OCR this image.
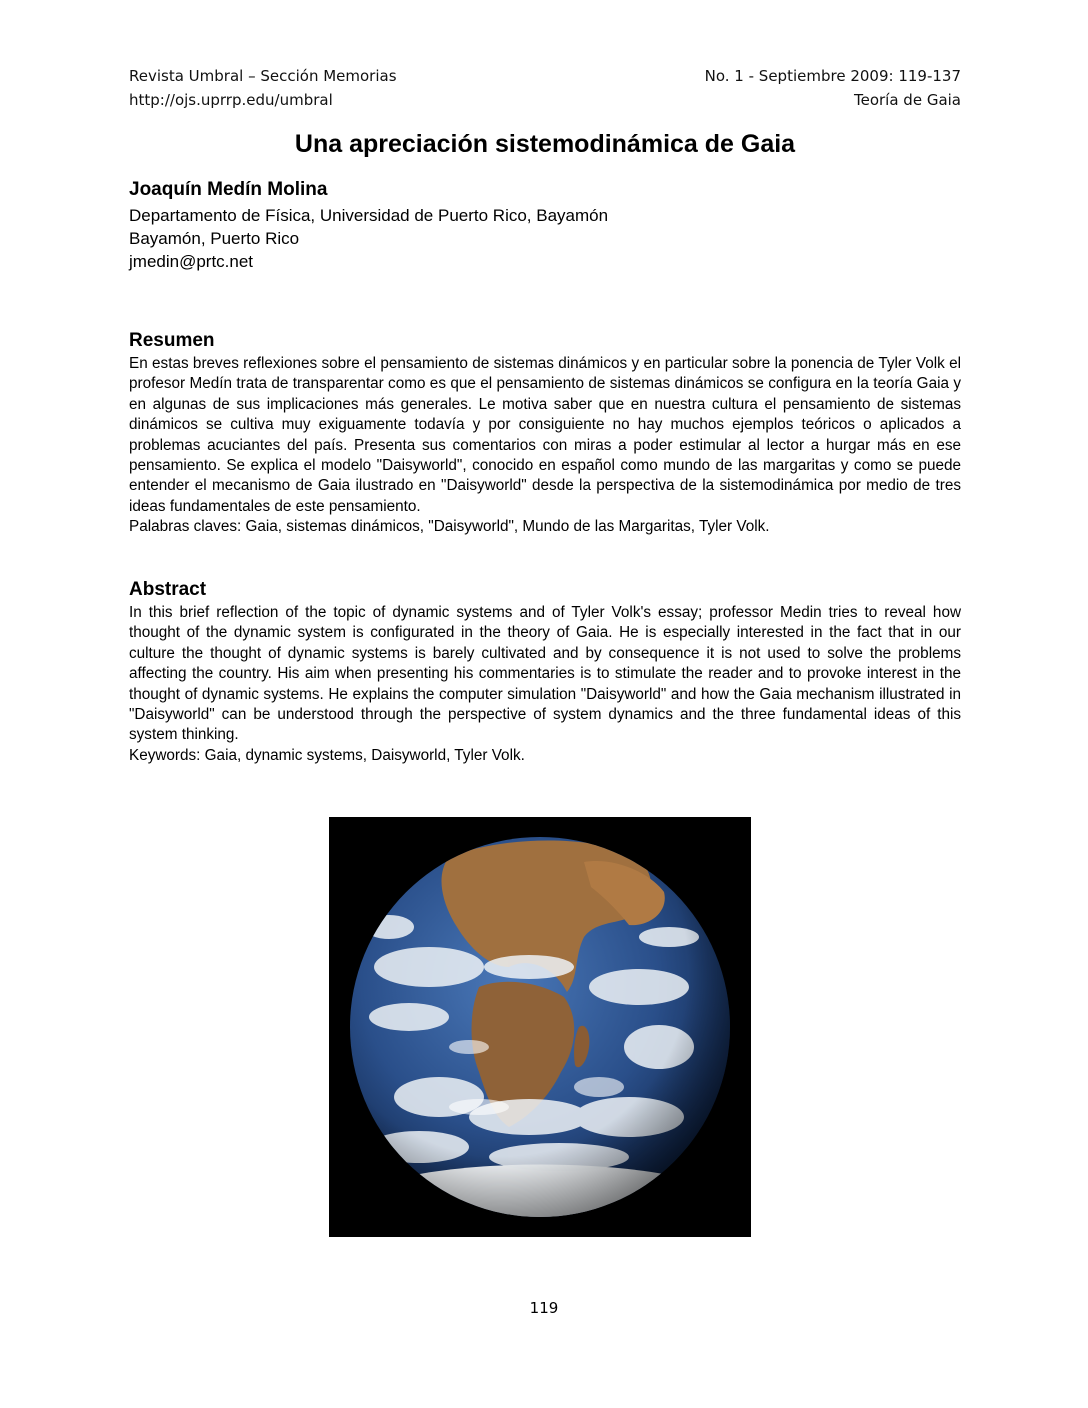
Revista Umbral – Sección Memorias	No. 1 - Septiembre 2009: 119-137
http://ojs.uprrp.edu/umbral	Teoría de Gaia
Una apreciación sistemodinámica de Gaia
Joaquín Medín Molina
Departamento de Física, Universidad de Puerto Rico, Bayamón
Bayamón, Puerto Rico
jmedin@prtc.net
Resumen
En estas breves reflexiones sobre el pensamiento de sistemas dinámicos y en particular sobre la ponencia de Tyler Volk el profesor Medín trata de transparentar como es que el pensamiento de sistemas dinámicos se configura en la teoría Gaia y en algunas de sus implicaciones más generales. Le motiva saber que en nuestra cultura el pensamiento de sistemas dinámicos se cultiva muy exiguamente todavía y por consiguiente no hay muchos ejemplos teóricos o aplicados a problemas acuciantes del país. Presenta sus comentarios con miras a poder estimular al lector a hurgar más en ese pensamiento. Se explica el modelo "Daisyworld", conocido en español como mundo de las margaritas y como se puede entender el mecanismo de Gaia ilustrado en "Daisyworld" desde la perspectiva de la sistemodinámica por medio de tres ideas fundamentales de este pensamiento.
Palabras claves: Gaia, sistemas dinámicos, "Daisyworld", Mundo de las Margaritas, Tyler Volk.
Abstract
In this brief reflection of the topic of dynamic systems and of Tyler Volk's essay; professor Medin tries to reveal how thought of the dynamic system is configurated in the theory of Gaia. He is especially interested in the fact that in our culture the thought of dynamic systems is barely cultivated and by consequence it is not used to solve the problems affecting the country. His aim when presenting his commentaries is to stimulate the reader and to provoke interest in the thought of dynamic systems. He explains the computer simulation "Daisyworld" and how the Gaia mechanism illustrated in "Daisyworld" can be understood through the perspective of system dynamics and the three fundamental ideas of this system thinking.
Keywords: Gaia, dynamic systems, Daisyworld, Tyler Volk.
119
